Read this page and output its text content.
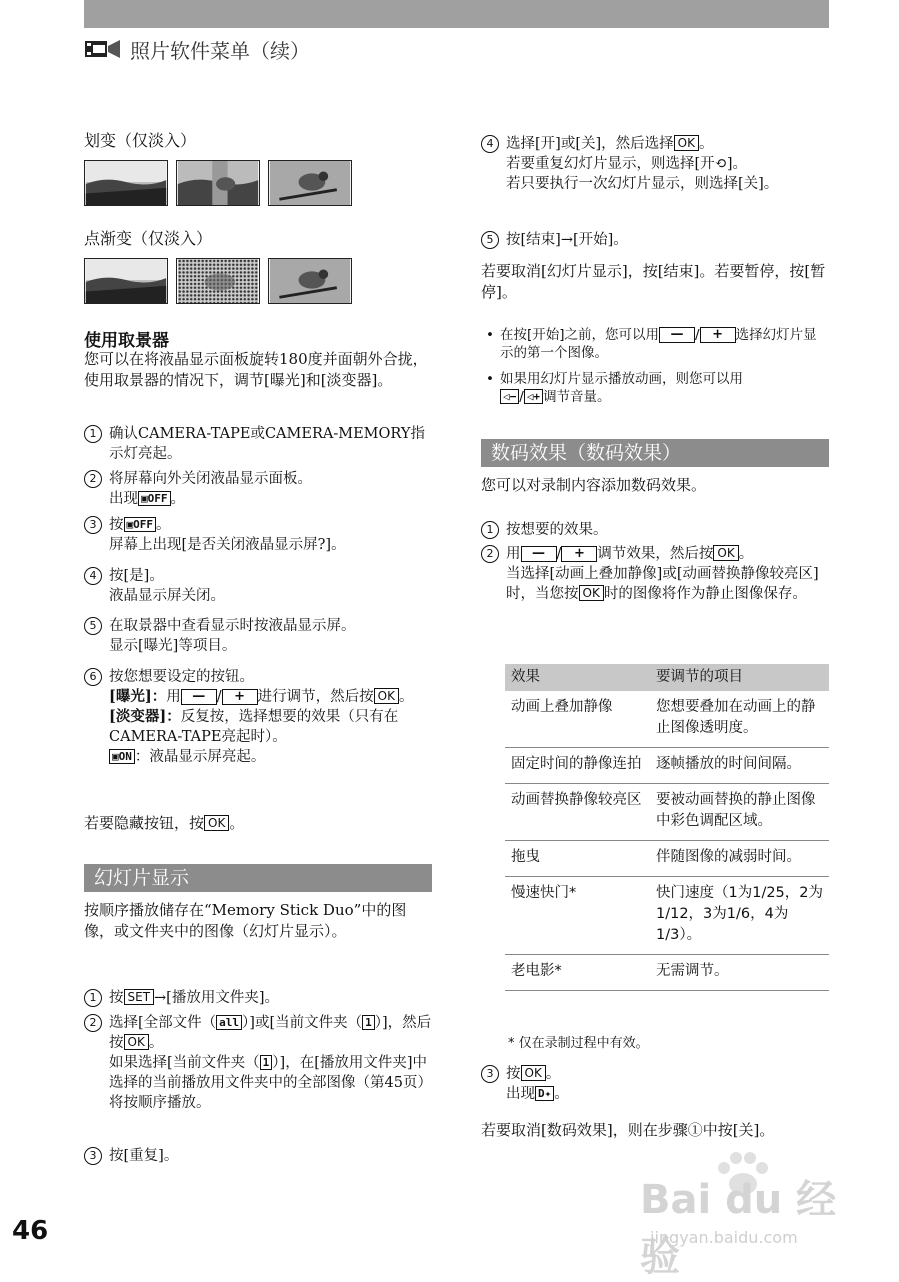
照片软件菜单（续）
划变（仅淡入）
点渐变（仅淡入）
使用取景器
您可以在将液晶显示面板旋转180度并面朝外合拢，使用取景器的情况下，调节[曝光]和[淡变器]。
1 确认CAMERA-TAPE或CAMERA-MEMORY指示灯亮起。
2 将屏幕向外关闭液晶显示面板。
出现 ▣OFF 。
3 按 ▣OFF 。
屏幕上出现[是否关闭液晶显示屏?]。
4 按[是]。
液晶显示屏关闭。
5 在取景器中查看显示时按液晶显示屏。
显示[曝光]等项目。
6 按您想要设定的按钮。
[曝光]：用 — / + 进行调节，然后按 OK 。
[淡变器]：反复按，选择想要的效果（只有在CAMERA-TAPE亮起时）。
▣ON ：液晶显示屏亮起。
若要隐藏按钮，按 OK 。
幻灯片显示
按顺序播放储存在“Memory Stick Duo”中的图像，或文件夹中的图像（幻灯片显示）。
1 按 SET →[播放用文件夹]。
2 选择[全部文件（ all ）]或[当前文件夹（ 1 ）]，然后按 OK 。
如果选择[当前文件夹（ 1 ）]，在[播放用文件夹]中选择的当前播放用文件夹中的全部图像（第45页）将按顺序播放。
3 按[重复]。
4 选择[开]或[关]，然后选择 OK 。
若要重复幻灯片显示，则选择[开⟲]。
若只要执行一次幻灯片显示，则选择[关]。
5 按[结束]→[开始]。
若要取消[幻灯片显示]，按[结束]。若要暂停，按[暂停]。
• 在按[开始]之前，您可以用 — / + 选择幻灯片显示的第一个图像。
• 如果用幻灯片显示播放动画，则您可以用
◁− / ◁+ 调节音量。
数码效果（数码效果）
您可以对录制内容添加数码效果。
1 按想要的效果。
2 用 — / + 调节效果，然后按 OK 。
当选择[动画上叠加静像]或[动画替换静像较亮区]时，当您按 OK 时的图像将作为静止图像保存。
效果	要调节的项目
动画上叠加静像	您想要叠加在动画上的静止图像透明度。
固定时间的静像连拍	逐帧播放的时间间隔。
动画替换静像较亮区	要被动画替换的静止图像中彩色调配区域。
拖曳	伴随图像的减弱时间。
慢速快门*	快门速度（1为1/25，2为1/12，3为1/6，4为1/3）。
老电影*	无需调节。
* 仅在录制过程中有效。
3 按 OK 。
出现 D✦ 。
若要取消[数码效果]，则在步骤①中按[关]。
46
Bai du 经验
jingyan.baidu.com
